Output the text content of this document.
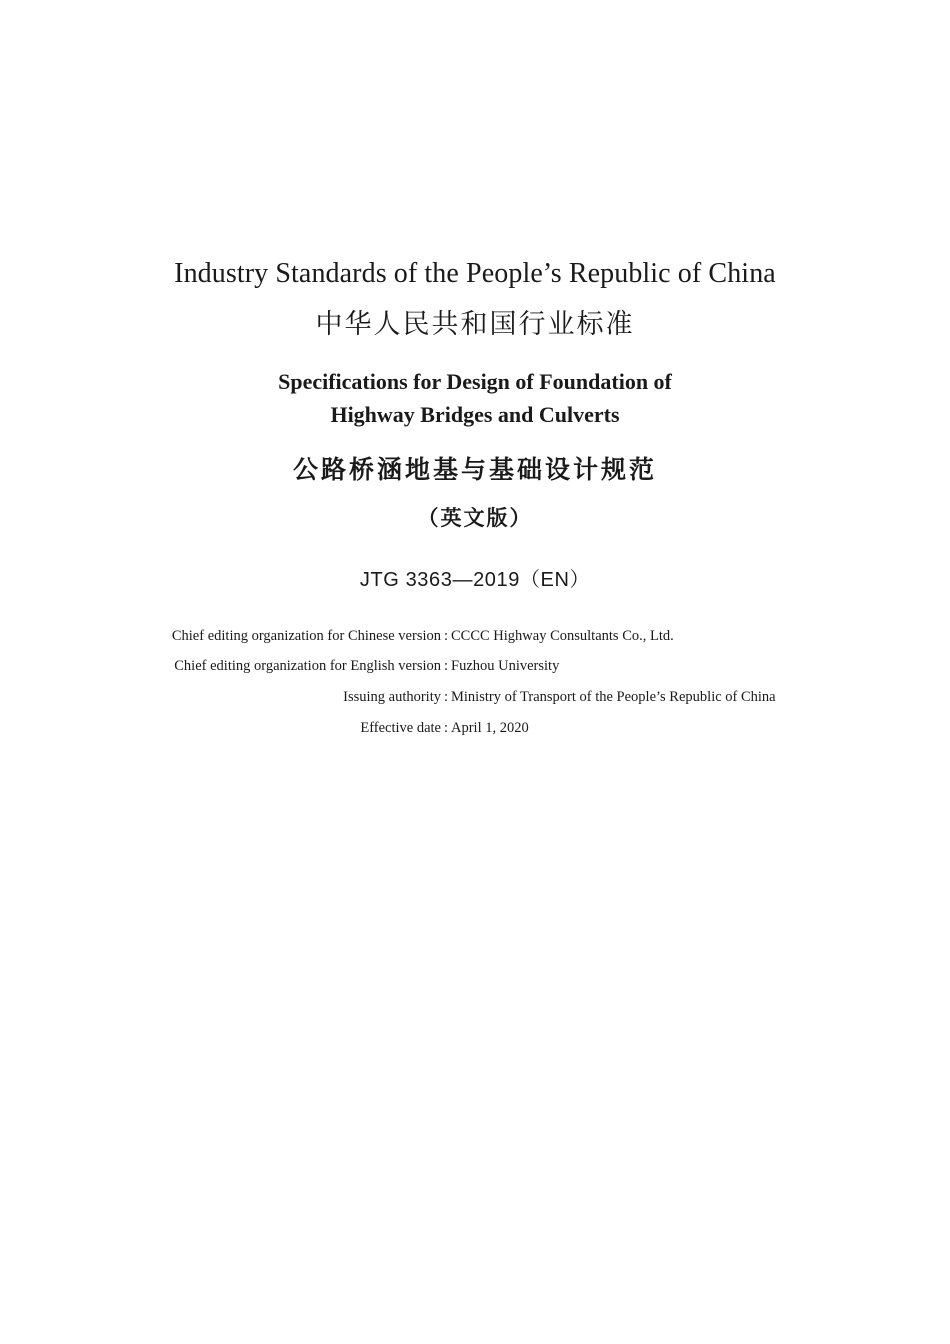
Industry Standards of the People’s Republic of China
中华人民共和国行业标准
Specifications for Design of Foundation of
Highway Bridges and Culverts
公路桥涵地基与基础设计规范
（英文版）
JTG 3363—2019（EN）
Chief editing organization for Chinese version : CCCC Highway Consultants Co., Ltd.
Chief editing organization for English version : Fuzhou University
Issuing authority : Ministry of Transport of the People’s Republic of China
Effective date : April 1, 2020
